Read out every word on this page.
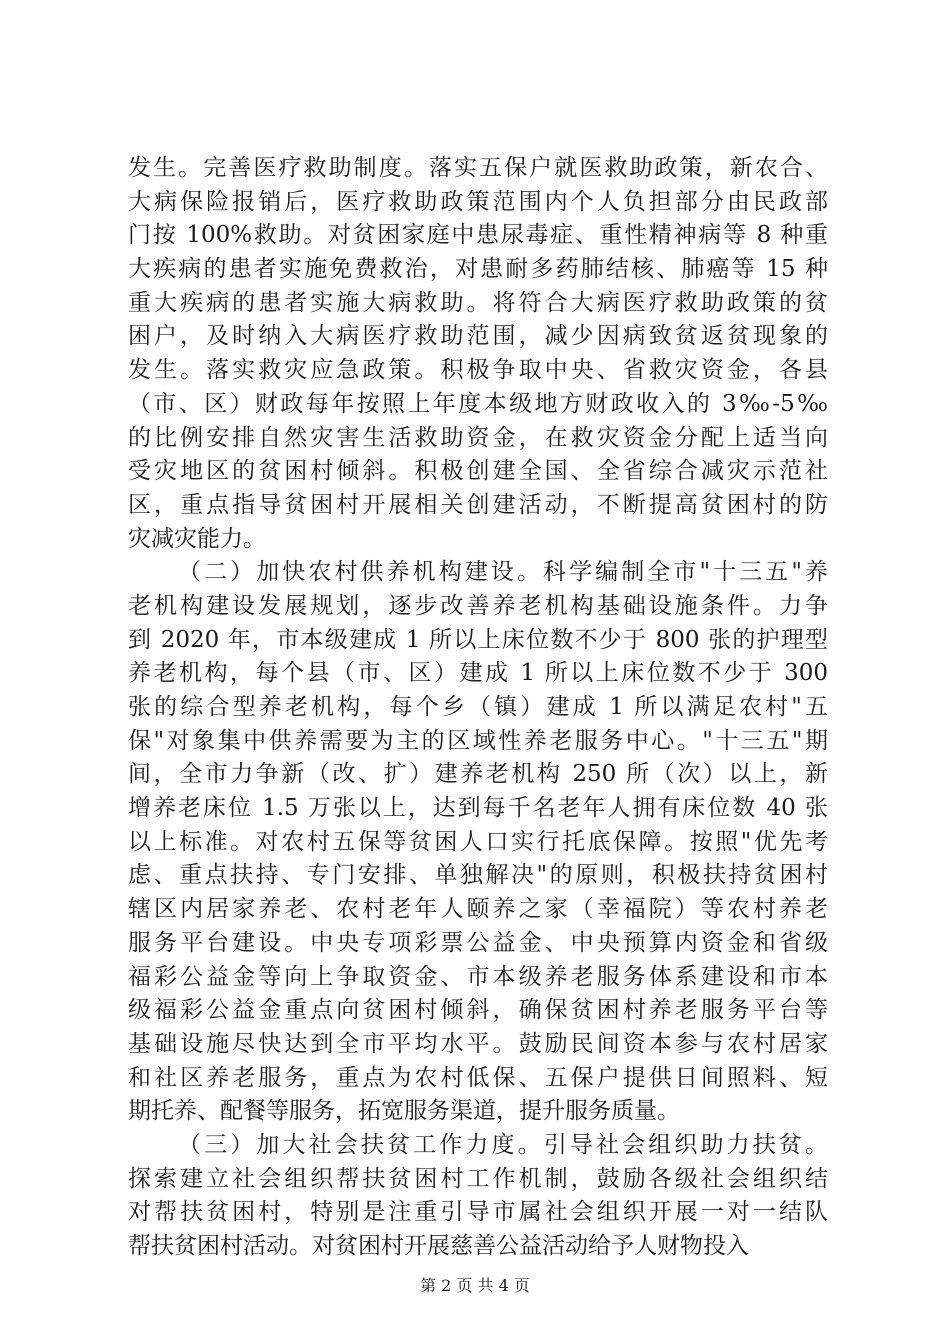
发生。完善医疗救助制度。落实五保户就医救助政策，新农合、
大病保险报销后，医疗救助政策范围内个人负担部分由民政部
门按 100%救助。对贫困家庭中患尿毒症、重性精神病等 8 种重
大疾病的患者实施免费救治，对患耐多药肺结核、肺癌等 15 种
重大疾病的患者实施大病救助。将符合大病医疗救助政策的贫
困户，及时纳入大病医疗救助范围，减少因病致贫返贫现象的
发生。落实救灾应急政策。积极争取中央、省救灾资金，各县
（市、区）财政每年按照上年度本级地方财政收入的 3‰-5‰
的比例安排自然灾害生活救助资金，在救灾资金分配上适当向
受灾地区的贫困村倾斜。积极创建全国、全省综合减灾示范社
区，重点指导贫困村开展相关创建活动，不断提高贫困村的防
灾减灾能力。
（二）加快农村供养机构建设。科学编制全市"十三五"养
老机构建设发展规划，逐步改善养老机构基础设施条件。力争
到 2020 年，市本级建成 1 所以上床位数不少于 800 张的护理型
养老机构，每个县（市、区）建成 1 所以上床位数不少于 300
张的综合型养老机构，每个乡（镇）建成 1 所以满足农村"五
保"对象集中供养需要为主的区域性养老服务中心。"十三五"期
间，全市力争新（改、扩）建养老机构 250 所（次）以上，新
增养老床位 1.5 万张以上，达到每千名老年人拥有床位数 40 张
以上标准。对农村五保等贫困人口实行托底保障。按照"优先考
虑、重点扶持、专门安排、单独解决"的原则，积极扶持贫困村
辖区内居家养老、农村老年人颐养之家（幸福院）等农村养老
服务平台建设。中央专项彩票公益金、中央预算内资金和省级
福彩公益金等向上争取资金、市本级养老服务体系建设和市本
级福彩公益金重点向贫困村倾斜，确保贫困村养老服务平台等
基础设施尽快达到全市平均水平。鼓励民间资本参与农村居家
和社区养老服务，重点为农村低保、五保户提供日间照料、短
期托养、配餐等服务，拓宽服务渠道，提升服务质量。
（三）加大社会扶贫工作力度。引导社会组织助力扶贫。
探索建立社会组织帮扶贫困村工作机制，鼓励各级社会组织结
对帮扶贫困村，特别是注重引导市属社会组织开展一对一结队
帮扶贫困村活动。对贫困村开展慈善公益活动给予人财物投入
第 2 页 共 4 页
